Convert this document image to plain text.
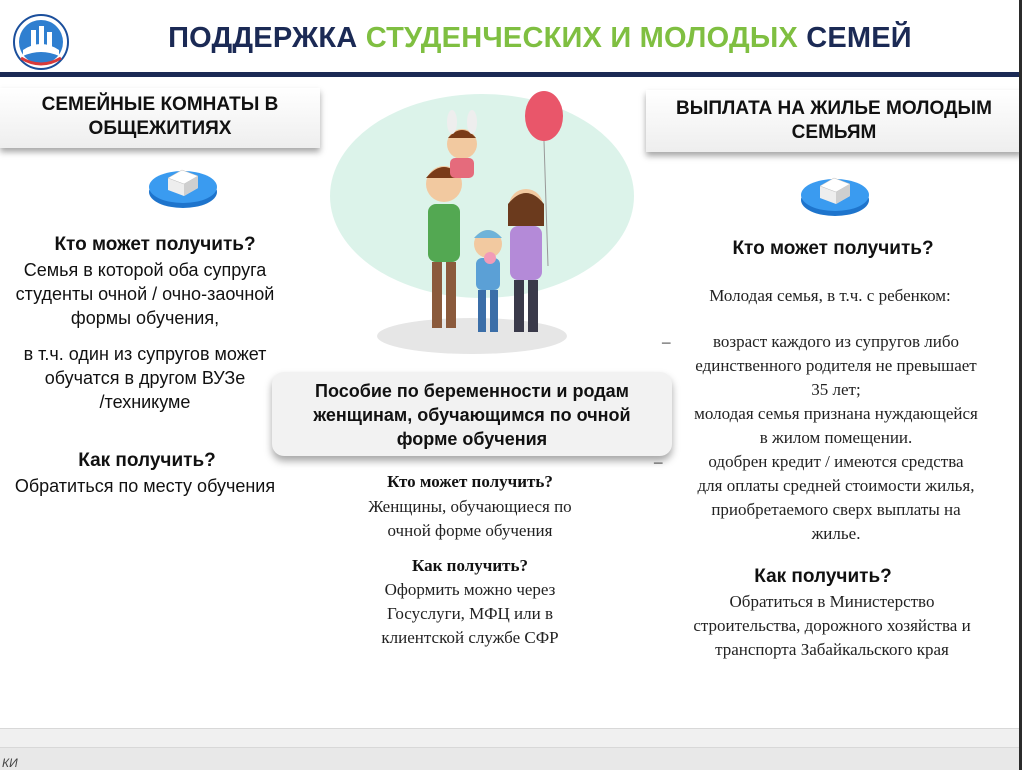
ПОДДЕРЖКА СТУДЕНЧЕСКИХ И МОЛОДЫХ СЕМЕЙ
СЕМЕЙНЫЕ КОМНАТЫ В
ОБЩЕЖИТИЯХ
Кто может получить?
Семья в которой оба супруга
студенты очной / очно-заочной
формы обучения,
в т.ч. один из супругов может
обучатся в другом ВУЗе
/техникуме
Как получить?
Обратиться по месту обучения
Пособие по беременности и родам
женщинам, обучающимся по очной
форме обучения
Кто может получить?
Женщины, обучающиеся по
очной форме обучения
Как получить?
Оформить можно через
Госуслуги, МФЦ или в
клиентской службе СФР
ВЫПЛАТА НА ЖИЛЬЕ МОЛОДЫМ
СЕМЬЯМ
Кто может получить?
Молодая семья, в т.ч. с ребенком:
–	возраст каждого из супругов либо
единственного родителя не превышает
35 лет;
молодая семья признана нуждающейся
в жилом помещении.
–	одобрен кредит / имеются средства
для оплаты средней стоимости жилья,
приобретаемого сверх выплаты на
жилье.
Как получить?
Обратиться в Министерство
строительства, дорожного хозяйства и
транспорта Забайкальского края
КИ
